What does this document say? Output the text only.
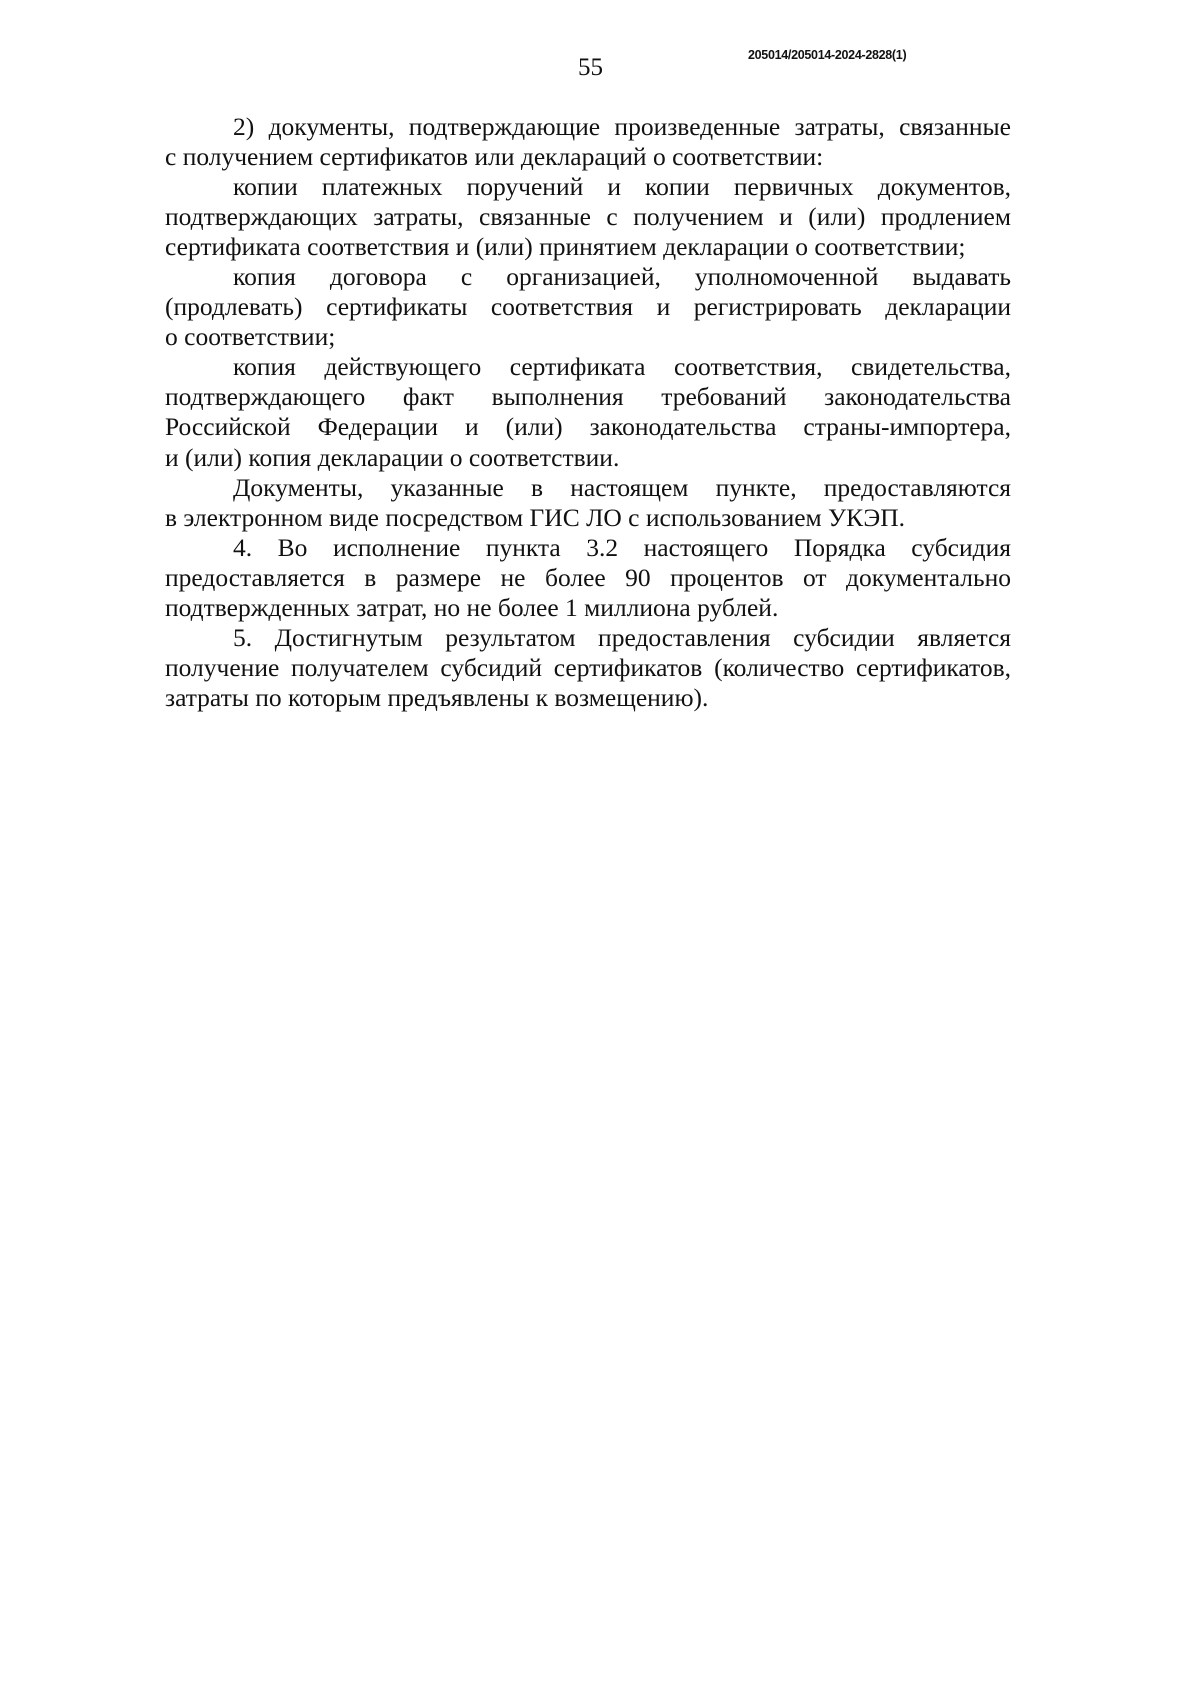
205014/205014-2024-2828(1)
55
2) документы, подтверждающие произведенные затраты, связанные
с получением сертификатов или деклараций о соответствии:
копии платежных поручений и копии первичных документов,
подтверждающих затраты, связанные с получением и (или) продлением
сертификата соответствия и (или) принятием декларации о соответствии;
копия договора с организацией, уполномоченной выдавать
(продлевать) сертификаты соответствия и регистрировать декларации
о соответствии;
копия действующего сертификата соответствия, свидетельства,
подтверждающего факт выполнения требований законодательства
Российской Федерации и (или) законодательства страны-импортера,
и (или) копия декларации о соответствии.
Документы, указанные в настоящем пункте, предоставляются
в электронном виде посредством ГИС ЛО с использованием УКЭП.
4. Во исполнение пункта 3.2 настоящего Порядка субсидия
предоставляется в размере не более 90 процентов от документально
подтвержденных затрат, но не более 1 миллиона рублей.
5. Достигнутым результатом предоставления субсидии является
получение получателем субсидий сертификатов (количество сертификатов,
затраты по которым предъявлены к возмещению).
